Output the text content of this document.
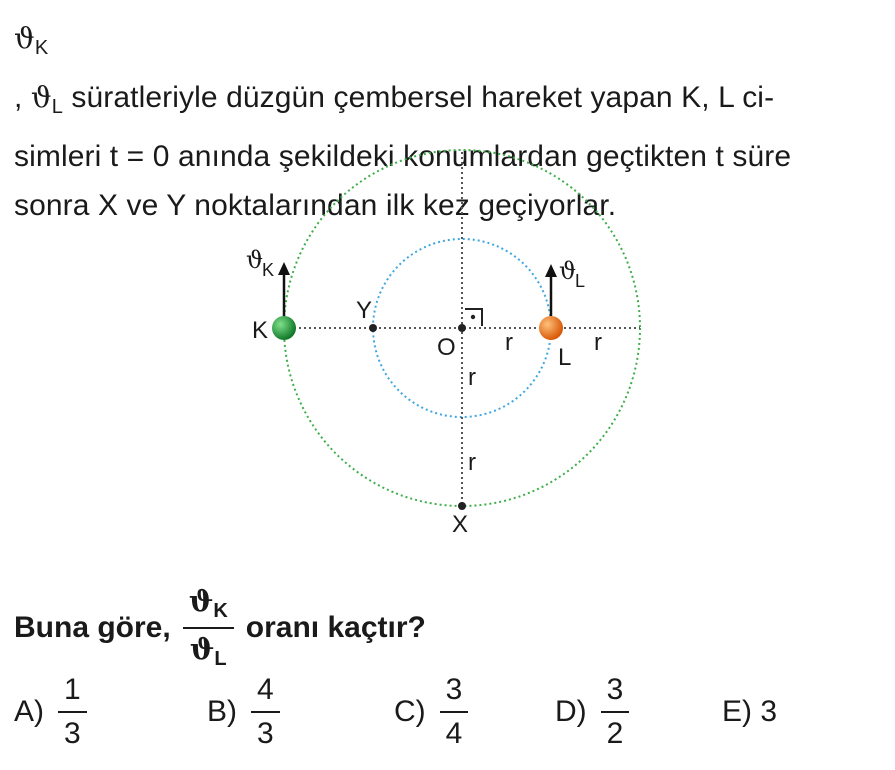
$ϑ_K$
, $ϑ_L$ süratleriyle düzgün çembersel hareket yapan K, L ci-
simleri t = 0 anında şekildeki konumlardan geçtikten t süre
sonra X ve Y noktalarından ilk kez geçiyorlar.
K
Y
O	L
X
r	r
r
r
ϑ	ϑ
K
L
Buna göre, $\frac{ϑ_K}{ϑ_L}$ oranı kaçtır?
$A) \frac{1}{3}$	$B) \frac{4}{3}$	$C) \frac{3}{4}$	$D) \frac{3}{2}$	E) 3
